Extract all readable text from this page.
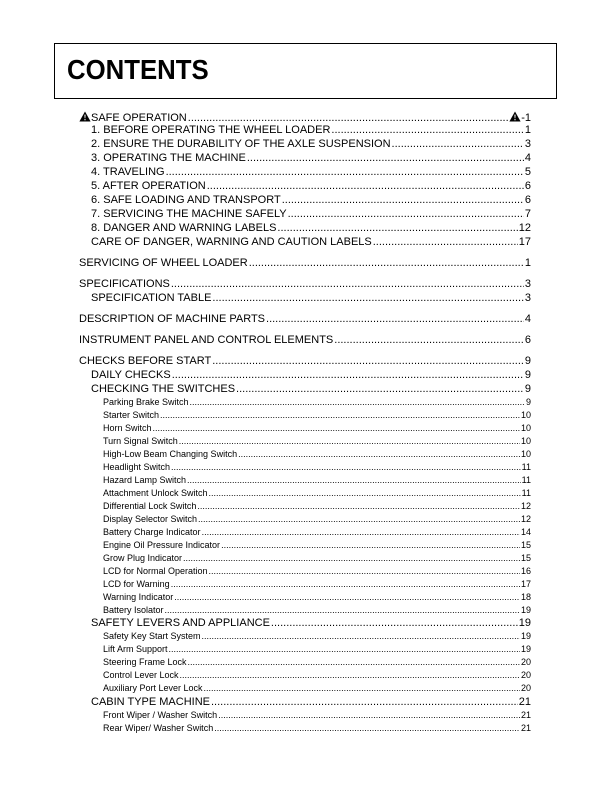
CONTENTS
SAFE OPERATION .....	-1
1. BEFORE OPERATING THE WHEEL LOADER .....	1
2. ENSURE THE DURABILITY OF THE AXLE SUSPENSION .....	3
3. OPERATING THE MACHINE .....	4
4. TRAVELING .....	5
5. AFTER OPERATION .....	6
6. SAFE LOADING AND TRANSPORT .....	6
7. SERVICING THE MACHINE SAFELY .....	7
8. DANGER AND WARNING LABELS .....	12
CARE OF DANGER, WARNING AND CAUTION LABELS .....	17
SERVICING OF WHEEL LOADER .....	1
SPECIFICATIONS .....	3
SPECIFICATION TABLE .....	3
DESCRIPTION OF MACHINE PARTS .....	4
INSTRUMENT PANEL AND CONTROL ELEMENTS .....	6
CHECKS BEFORE START .....	9
DAILY CHECKS .....	9
CHECKING THE SWITCHES .....	9
Parking Brake Switch .....	9
Starter Switch .....	10
Horn Switch .....	10
Turn Signal Switch .....	10
High-Low Beam Changing Switch .....	10
Headlight Switch .....	11
Hazard Lamp Switch .....	11
Attachment Unlock Switch .....	11
Differential Lock Switch .....	12
Display Selector Switch .....	12
Battery Charge Indicator .....	14
Engine Oil Pressure Indicator .....	15
Grow Plug Indicator .....	15
LCD for Normal Operation .....	16
LCD for Warning .....	17
Warning Indicator .....	18
Battery Isolator .....	19
SAFETY LEVERS AND APPLIANCE .....	19
Safety Key Start System .....	19
Lift Arm Support .....	19
Steering Frame Lock .....	20
Control Lever Lock .....	20
Auxiliary Port Lever Lock .....	20
CABIN TYPE MACHINE .....	21
Front Wiper / Washer Switch .....	21
Rear Wiper/ Washer Switch .....	21
